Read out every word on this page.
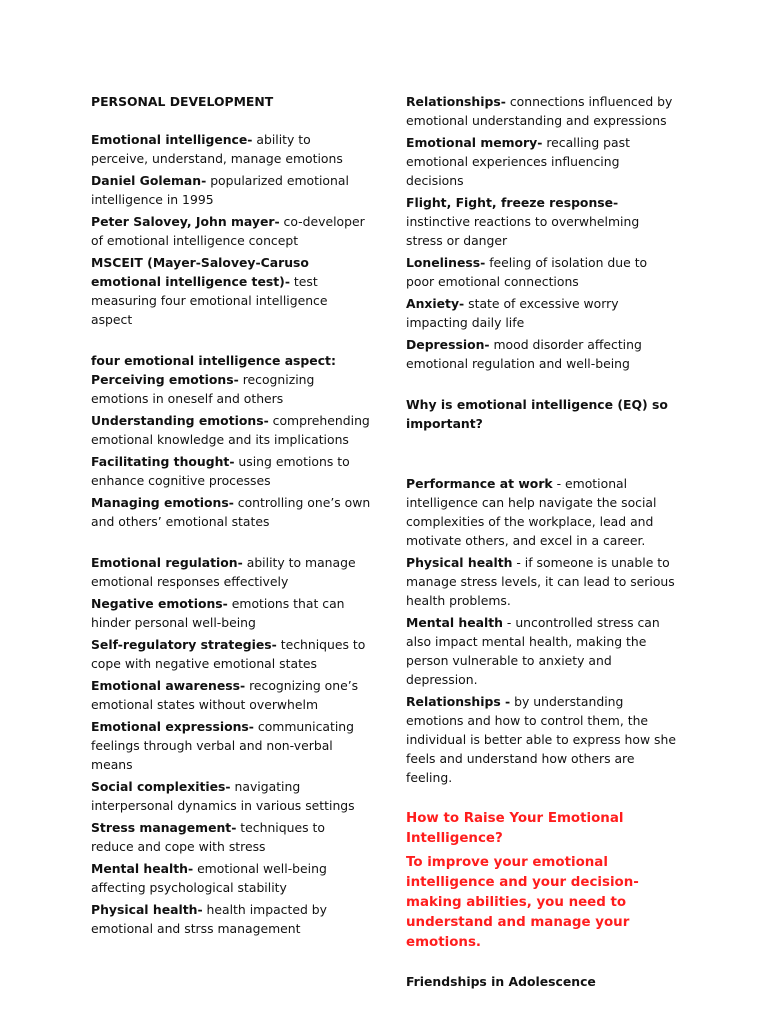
PERSONAL DEVELOPMENT

Emotional intelligence- ability to perceive, understand, manage emotions

Daniel Goleman- popularized emotional intelligence in 1995

Peter Salovey, John mayer- co-developer of emotional intelligence concept

MSCEIT (Mayer-Salovey-Caruso emotional intelligence test)- test measuring four emotional intelligence aspect

four emotional intelligence aspect:

Perceiving emotions- recognizing emotions in oneself and others

Understanding emotions- comprehending emotional knowledge and its implications

Facilitating thought- using emotions to enhance cognitive processes

Managing emotions- controlling one’s own and others’ emotional states

Emotional regulation- ability to manage emotional responses effectively

Negative emotions- emotions that can hinder personal well-being

Self-regulatory strategies- techniques to cope with negative emotional states

Emotional awareness- recognizing one’s emotional states without overwhelm

Emotional expressions- communicating feelings through verbal and non-verbal means

Social complexities- navigating interpersonal dynamics in various settings

Stress management- techniques to reduce and cope with stress

Mental health- emotional well-being affecting psychological stability

Physical health- health impacted by emotional and strss management

Relationships- connections influenced by emotional understanding and expressions

Emotional memory- recalling past emotional experiences influencing decisions

Flight, Fight, freeze response- instinctive reactions to overwhelming stress or danger

Loneliness- feeling of isolation due to poor emotional connections

Anxiety- state of excessive worry impacting daily life

Depression- mood disorder affecting emotional regulation and well-being

Why is emotional intelligence (EQ) so important?

Performance at work - emotional intelligence can help navigate the social complexities of the workplace, lead and motivate others, and excel in a career.

Physical health - if someone is unable to manage stress levels, it can lead to serious health problems.

Mental health - uncontrolled stress can also impact mental health, making the person vulnerable to anxiety and depression.

Relationships - by understanding emotions and how to control them, the individual is better able to express how she feels and understand how others are feeling.

How to Raise Your Emotional Intelligence?

To improve your emotional intelligence and your decision-making abilities, you need to understand and manage your emotions.

Friendships in Adolescence
